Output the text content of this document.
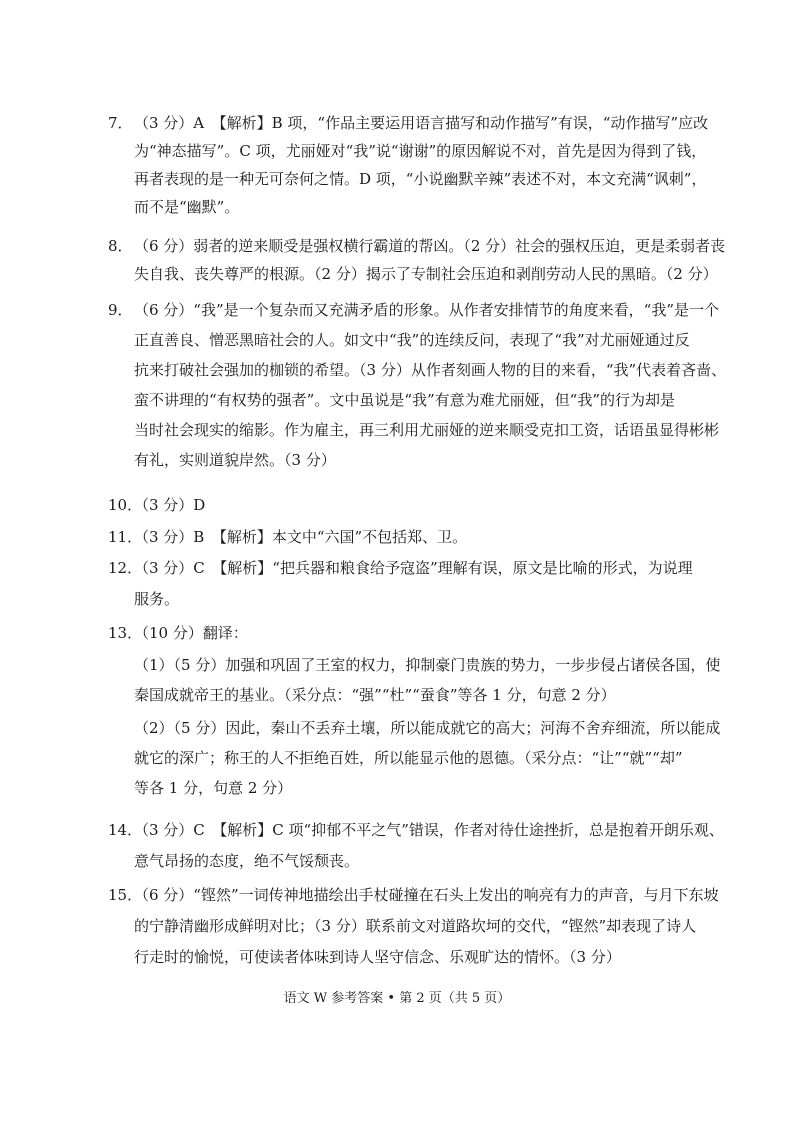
7． （3 分）A　【解析】B 项，“作品主要运用语言描写和动作描写”有误，“动作描写”应改
为“神态描写”。C 项，尤丽娅对“我”说“谢谢”的原因解说不对，首先是因为得到了钱，
再者表现的是一种无可奈何之情。D 项，“小说幽默辛辣”表述不对，本文充满“讽刺”，
而不是“幽默”。
8． （6 分）弱者的逆来顺受是强权横行霸道的帮凶。（2 分）社会的强权压迫，更是柔弱者丧
失自我、丧失尊严的根源。（2 分）揭示了专制社会压迫和剥削劳动人民的黑暗。（2 分）
9． （6 分）“我”是一个复杂而又充满矛盾的形象。从作者安排情节的角度来看，“我”是一个
正直善良、憎恶黑暗社会的人。如文中“我”的连续反问，表现了“我”对尤丽娅通过反
抗来打破社会强加的枷锁的希望。（3 分）从作者刻画人物的目的来看，“我”代表着吝啬、
蛮不讲理的“有权势的强者”。文中虽说是“我”有意为难尤丽娅，但“我”的行为却是
当时社会现实的缩影。作为雇主，再三利用尤丽娅的逆来顺受克扣工资，话语虽显得彬彬
有礼，实则道貌岸然。（3 分）
10．
（3 分）D
11．
（3 分）B　【解析】本文中“六国”不包括郑、卫。
12．
（3 分）C　【解析】“把兵器和粮食给予寇盗”理解有误，原文是比喻的形式，为说理
服务。
13．
（10 分）翻译：
（1）（5 分）加强和巩固了王室的权力，抑制豪门贵族的势力，一步步侵占诸侯各国，使
秦国成就帝王的基业。（采分点：“强”“杜”“蚕食”等各 1 分，句意 2 分）
（2）（5 分）因此，秦山不丢弃土壤，所以能成就它的高大；河海不舍弃细流，所以能成
就它的深广；称王的人不拒绝百姓，所以能显示他的恩德。（采分点：“让”“就”“却”
等各 1 分，句意 2 分）
14．
（3 分）C　【解析】C 项“抑郁不平之气”错误，作者对待仕途挫折，总是抱着开朗乐观、
意气昂扬的态度，绝不气馁颓丧。
15．
（6 分）“铿然”一词传神地描绘出手杖碰撞在石头上发出的响亮有力的声音，与月下东坡
的宁静清幽形成鲜明对比；（3 分）联系前文对道路坎坷的交代，“铿然”却表现了诗人
行走时的愉悦，可使读者体味到诗人坚守信念、乐观旷达的情怀。（3 分）
语文 W 参考答案 • 第 2 页（共 5 页）
